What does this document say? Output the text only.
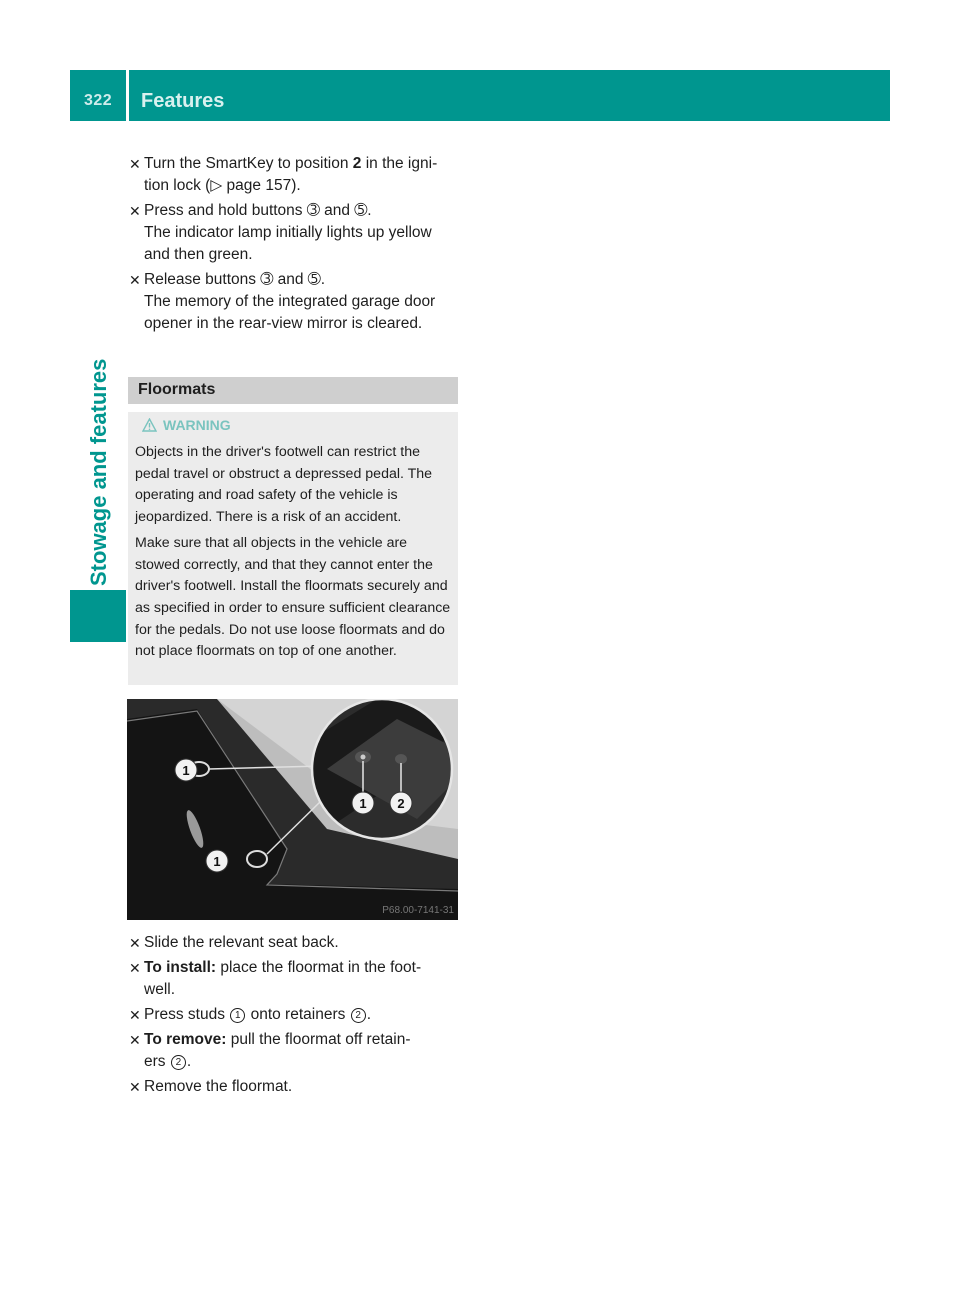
322 Features
Stowage and features
✕ Turn the SmartKey to position 2 in the igni-
tion lock (▷ page 157).
✕ Press and hold buttons ➂ and ➄.
The indicator lamp initially lights up yellow
and then green.
✕ Release buttons ➂ and ➄.
The memory of the integrated garage door
opener in the rear-view mirror is cleared.
Floormats
WARNING

Objects in the driver's footwell can restrict the pedal travel or obstruct a depressed pedal. The operating and road safety of the vehicle is jeopardized. There is a risk of an accident.

Make sure that all objects in the vehicle are stowed correctly, and that they cannot enter the driver's footwell. Install the floormats securely and as specified in order to ensure sufficient clearance for the pedals. Do not use loose floormats and do not place floormats on top of one another.

1
1
1 2
P68.00-7141-31
✕ Slide the relevant seat back.
✕ To install: place the floormat in the foot-
well.
✕ Press studs 1 onto retainers 2 .
✕ To remove: pull the floormat off retain-
ers 2 .
✕ Remove the floormat.
